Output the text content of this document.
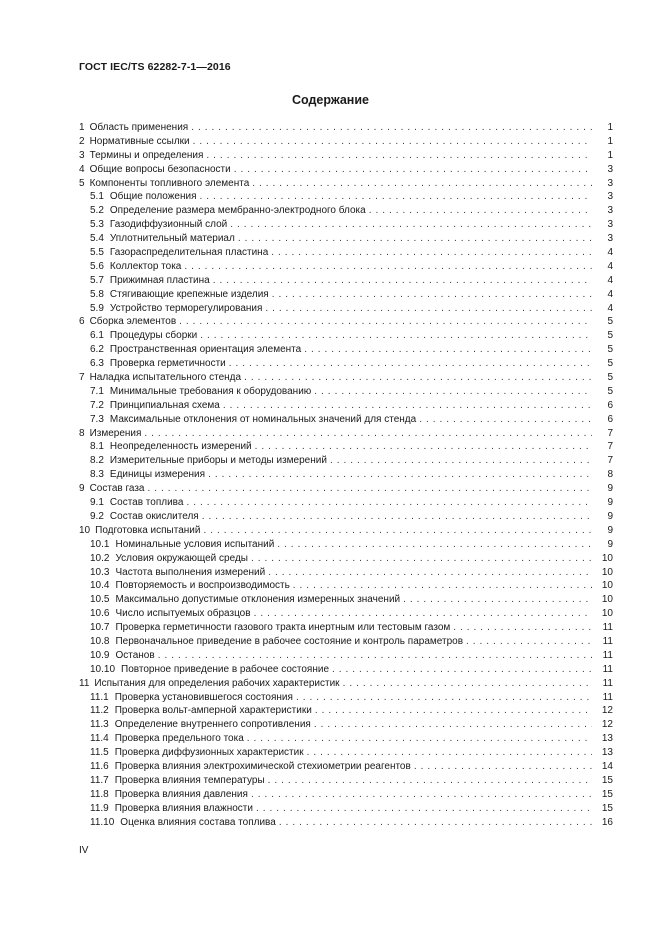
ГОСТ IEC/TS 62282-7-1—2016
Содержание
1 Область применения . . .	1
2 Нормативные ссылки . . .	1
3 Термины и определения . . .	1
4 Общие вопросы безопасности . . .	3
5 Компоненты топливного элемента . . .	3
5.1 Общие положения . . .	3
5.2 Определение размера мембранно-электродного блока . . .	3
5.3 Газодиффузионный слой . . .	3
5.4 Уплотнительный материал . . .	3
5.5 Газораспределительная пластина . . .	4
5.6 Коллектор тока . . .	4
5.7 Прижимная пластина . . .	4
5.8 Стягивающие крепежные изделия . . .	4
5.9 Устройство терморегулирования . . .	4
6 Сборка элементов . . .	5
6.1 Процедуры сборки . . .	5
6.2 Пространственная ориентация элемента . . .	5
6.3 Проверка герметичности . . .	5
7 Наладка испытательного стенда . . .	5
7.1 Минимальные требования к оборудованию . . .	5
7.2 Принципиальная схема . . .	6
7.3 Максимальные отклонения от номинальных значений для стенда . . .	6
8 Измерения . . .	7
8.1 Неопределенность измерений . . .	7
8.2 Измерительные приборы и методы измерений . . .	7
8.3 Единицы измерения . . .	8
9 Состав газа . . .	9
9.1 Состав топлива . . .	9
9.2 Состав окислителя . . .	9
10 Подготовка испытаний . . .	9
10.1 Номинальные условия испытаний . . .	9
10.2 Условия окружающей среды . . .	10
10.3 Частота выполнения измерений . . .	10
10.4 Повторяемость и воспроизводимость . . .	10
10.5 Максимально допустимые отклонения измеренных значений . . .	10
10.6 Число испытуемых образцов . . .	10
10.7 Проверка герметичности газового тракта инертным или тестовым газом . . .	11
10.8 Первоначальное приведение в рабочее состояние и контроль параметров . . .	11
10.9 Останов . . .	11
10.10 Повторное приведение в рабочее состояние . . .	11
11 Испытания для определения рабочих характеристик . . .	11
11.1 Проверка установившегося состояния . . .	11
11.2 Проверка вольт-амперной характеристики . . .	12
11.3 Определение внутреннего сопротивления . . .	12
11.4 Проверка предельного тока . . .	13
11.5 Проверка диффузионных характеристик . . .	13
11.6 Проверка влияния электрохимической стехиометрии реагентов . . .	14
11.7 Проверка влияния температуры . . .	15
11.8 Проверка влияния давления . . .	15
11.9 Проверка влияния влажности . . .	15
11.10 Оценка влияния состава топлива . . .	16
IV
